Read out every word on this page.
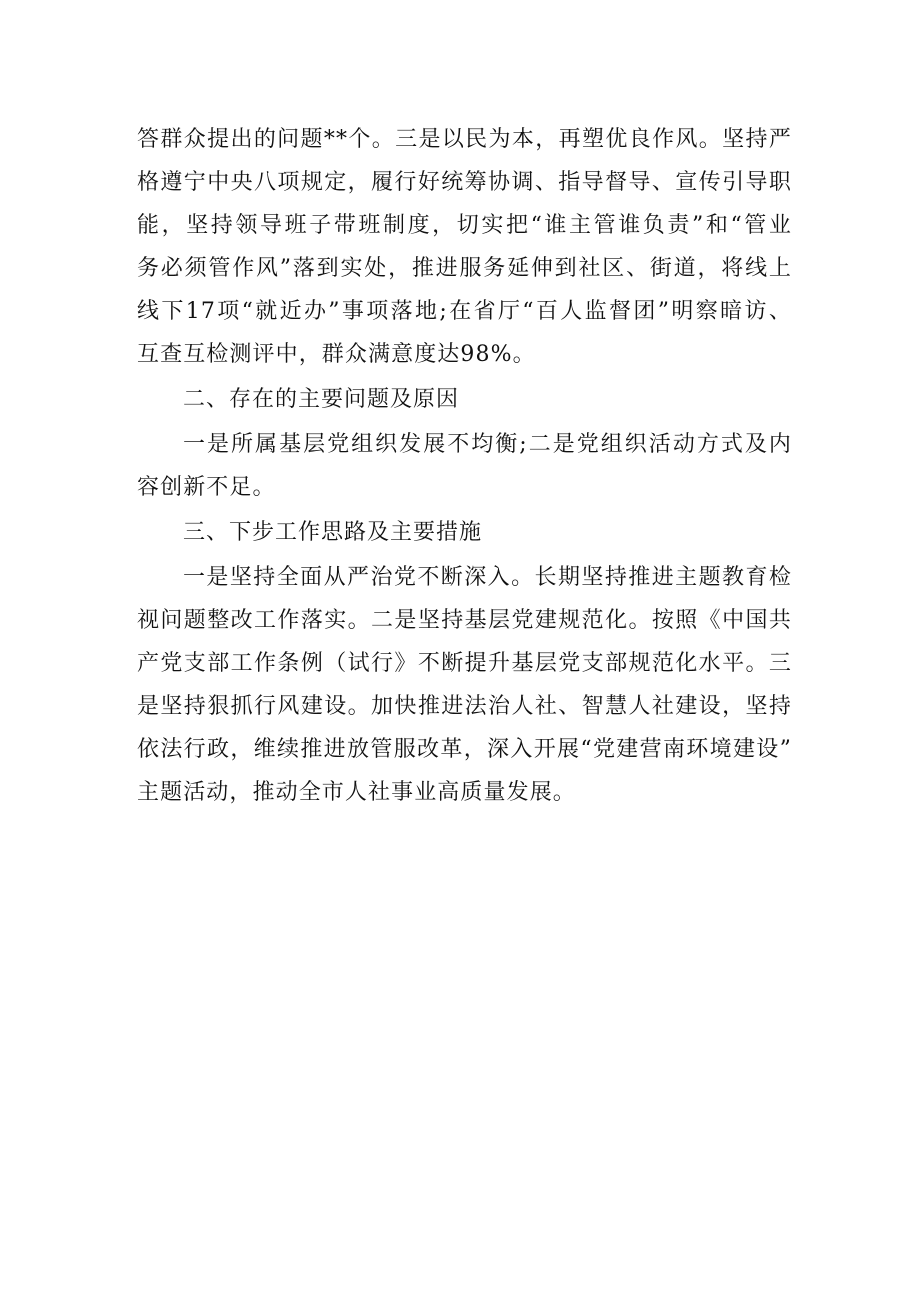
答群众提出的问题**个。三是以民为本，再塑优良作风。坚持严
格遵宁中央八项规定，履行好统筹协调、指导督导、宣传引导职
能，坚持领导班子带班制度，切实把“谁主管谁负责”和“管业
务必须管作风”落到实处，推进服务延伸到社区、街道，将线上
线下17项“就近办”事项落地;在省厅“百人监督团”明察暗访、
互查互检测评中，群众满意度达98%。
二、存在的主要问题及原因
一是所属基层党组织发展不均衡;二是党组织活动方式及内
容创新不足。
三、下步工作思路及主要措施
一是坚持全面从严治党不断深入。长期坚持推进主题教育检
视问题整改工作落实。二是坚持基层党建规范化。按照《中国共
产党支部工作条例（试行》不断提升基层党支部规范化水平。三
是坚持狠抓行风建设。加快推进法治人社、智慧人社建设，坚持
依法行政，维续推进放管服改革，深入开展“党建营南环境建设”
主题活动，推动全市人社事业高质量发展。
